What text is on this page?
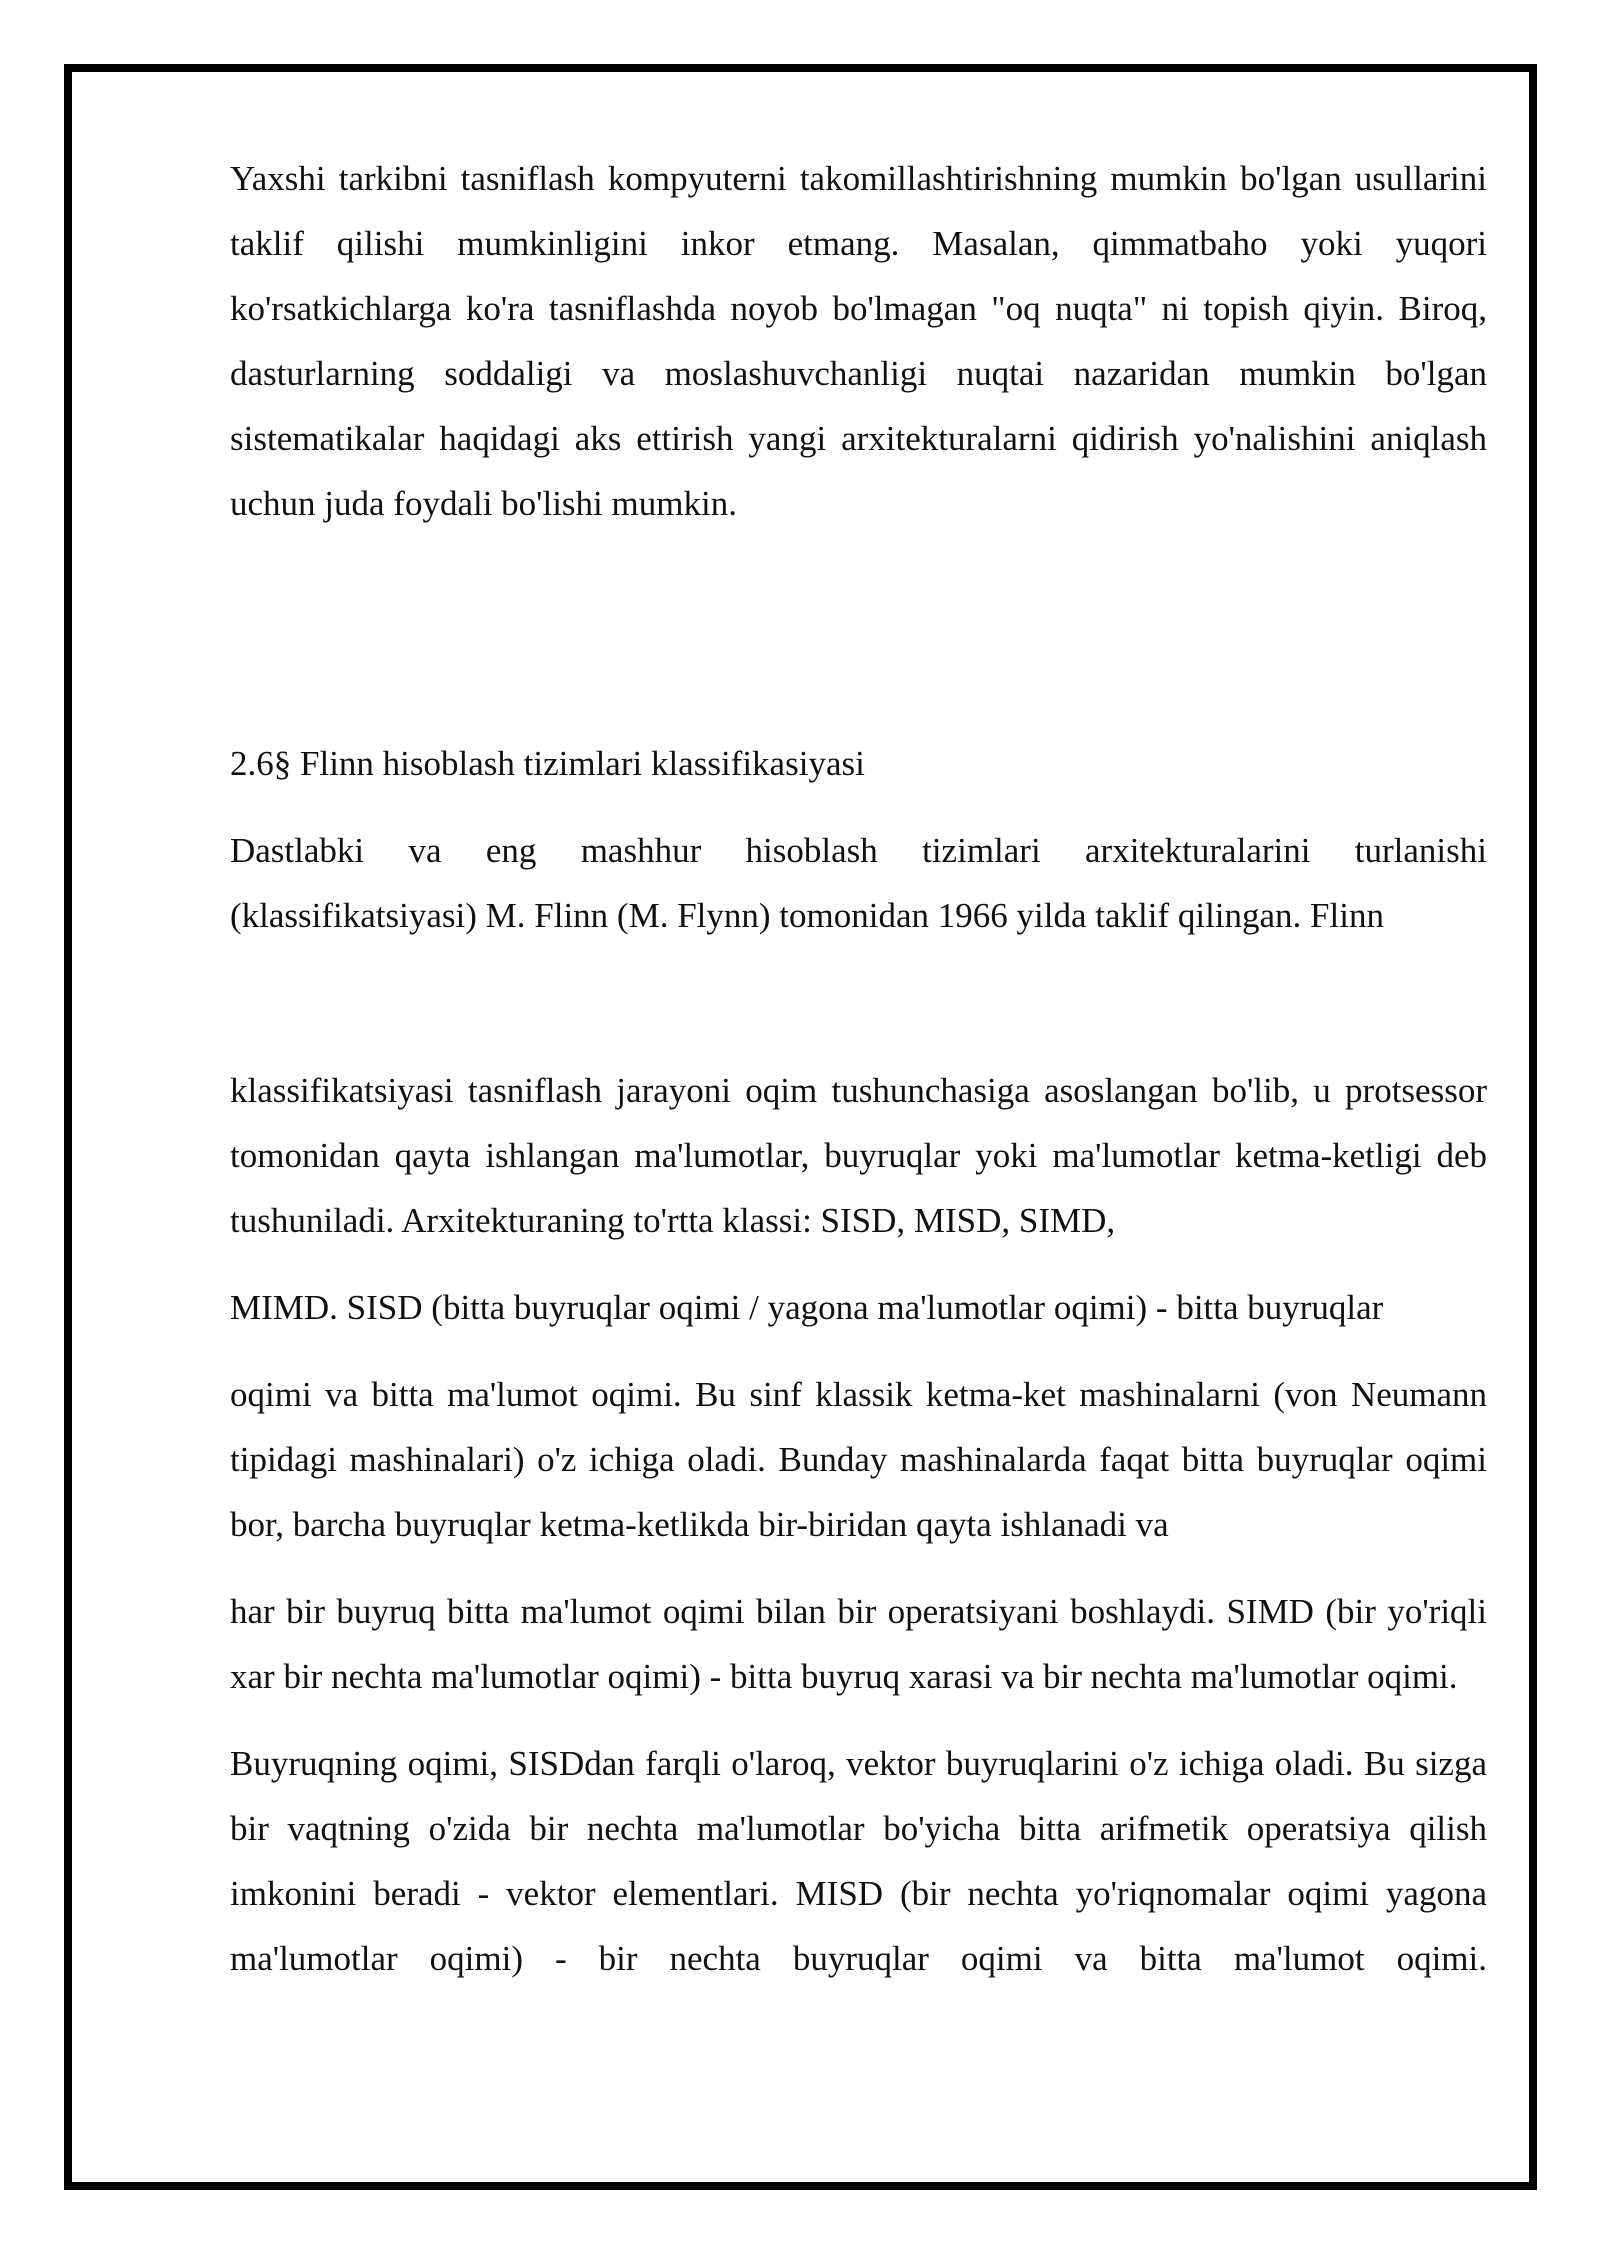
Yaxshi tarkibni tasniflash kompyuterni takomillashtirishning mumkin bo'lgan usullarini taklif qilishi mumkinligini inkor etmang. Masalan, qimmatbaho yoki yuqori ko'rsatkichlarga ko'ra tasniflashda noyob bo'lmagan "oq nuqta" ni topish qiyin. Biroq, dasturlarning soddaligi va moslashuvchanligi nuqtai nazaridan mumkin bo'lgan sistematikalar haqidagi aks ettirish yangi arxitekturalarni qidirish yo'nalishini aniqlash uchun juda foydali bo'lishi mumkin.

2.6§ Flinn hisoblash tizimlari klassifikasiyasi

Dastlabki va eng mashhur hisoblash tizimlari arxitekturalarini turlanishi (klassifikatsiyasi) M. Flinn (M. Flynn) tomonidan 1966 yilda taklif qilingan. Flinn

klassifikatsiyasi tasniflash jarayoni oqim tushunchasiga asoslangan bo'lib, u protsessor tomonidan qayta ishlangan ma'lumotlar, buyruqlar yoki ma'lumotlar ketma-ketligi deb tushuniladi. Arxitekturaning to'rtta klassi: SISD, MISD, SIMD,

MIMD. SISD (bitta buyruqlar oqimi / yagona ma'lumotlar oqimi) - bitta buyruqlar

oqimi va bitta ma'lumot oqimi. Bu sinf klassik ketma-ket mashinalarni (von Neumann tipidagi mashinalari) o'z ichiga oladi. Bunday mashinalarda faqat bitta buyruqlar oqimi bor, barcha buyruqlar ketma-ketlikda bir-biridan qayta ishlanadi va

har bir buyruq bitta ma'lumot oqimi bilan bir operatsiyani boshlaydi. SIMD (bir yo'riqli xar bir nechta ma'lumotlar oqimi) - bitta buyruq xarasi va bir nechta ma'lumotlar oqimi.

Buyruqning oqimi, SISDdan farqli o'laroq, vektor buyruqlarini o'z ichiga oladi. Bu sizga bir vaqtning o'zida bir nechta ma'lumotlar bo'yicha bitta arifmetik operatsiya qilish imkonini beradi - vektor elementlari. MISD (bir nechta yo'riqnomalar oqimi yagona ma'lumotlar oqimi) - bir nechta buyruqlar oqimi va bitta ma'lumot oqimi.
